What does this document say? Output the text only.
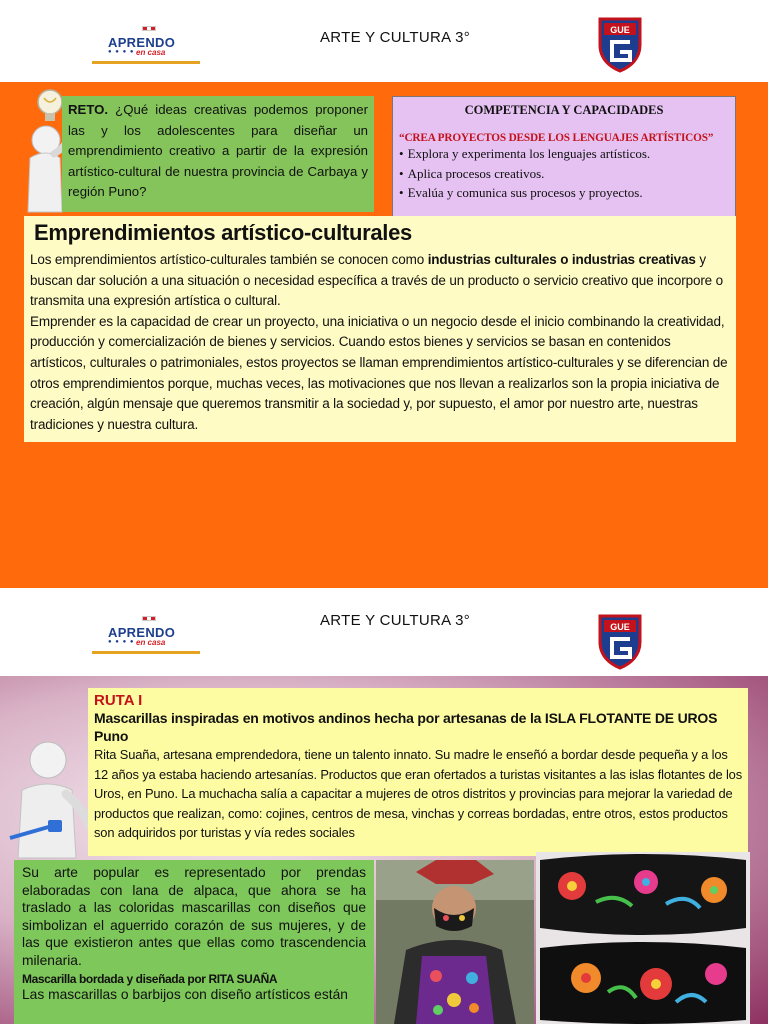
APRENDO
● ● ● ● en casa
ARTE Y CULTURA 3°	GUE
RETO. ¿Qué ideas creativas podemos proponer las y los adolescentes para diseñar un emprendimiento creativo a partir de la expresión artístico-cultural de nuestra provincia de Carbaya y región Puno?
COMPETENCIA Y CAPACIDADES
“CREA PROYECTOS DESDE LOS LENGUAJES ARTÍSTICOS”
• Explora y experimenta los lenguajes artísticos.
• Aplica procesos creativos.
• Evalúa y comunica sus procesos y proyectos.
Emprendimientos artístico-culturales

Los emprendimientos artístico-culturales también se conocen como industrias culturales o industrias creativas y buscan dar solución a una situación o necesidad específica a través de un producto o servicio creativo que incorpore o transmita una expresión artística o cultural.

Emprender es la capacidad de crear un proyecto, una iniciativa o un negocio desde el inicio combinando la creatividad, producción y comercialización de bienes y servicios. Cuando estos bienes y servicios se basan en contenidos artísticos, culturales o patrimoniales, estos proyectos se llaman emprendimientos artístico-culturales y se diferencian de otros emprendimientos porque, muchas veces, las motivaciones que nos llevan a realizarlos son la propia iniciativa de creación, algún mensaje que queremos transmitir a la sociedad y, por supuesto, el amor por nuestro arte, nuestras tradiciones y nuestra cultura.

APRENDO
● ● ● ● en casa
ARTE Y CULTURA 3°	GUE
RUTA I
Mascarillas inspiradas en motivos andinos hecha por artesanas de la ISLA FLOTANTE DE UROS Puno

Rita Suaña, artesana emprendedora, tiene un talento innato. Su madre le enseñó a bordar desde pequeña y a los 12 años ya estaba haciendo artesanías. Productos que eran ofertados a turistas visitantes a las islas flotantes de los Uros, en Puno. La muchacha salía a capacitar a mujeres de otros distritos y provincias para mejorar la variedad de productos que realizan, como: cojines, centros de mesa, vinchas y correas bordadas, entre otros, estos productos son adquiridos por turistas y vía redes sociales

Su arte popular es representado por prendas elaboradas con lana de alpaca, que ahora se ha traslado a las coloridas mascarillas con diseños que simbolizan el aguerrido corazón de sus mujeres, y de las que existieron antes que ellas como trascendencia milenaria.

Mascarilla bordada y diseñada por RITA SUAÑA

Las mascarillas o barbijos con diseño artísticos están
